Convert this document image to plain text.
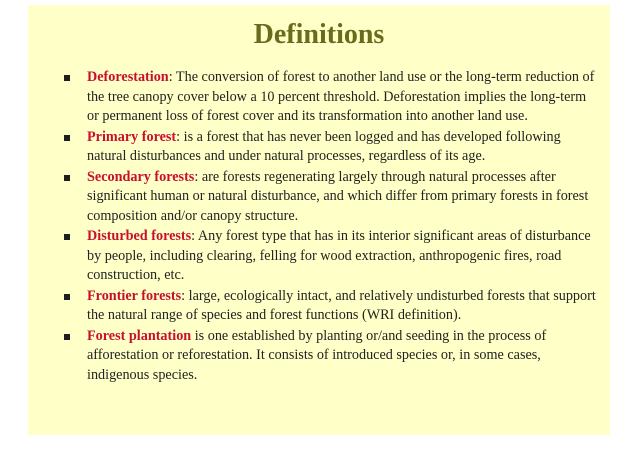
Definitions
Deforestation: The conversion of forest to another land use or the long-term reduction of the tree canopy cover below a 10 percent threshold. Deforestation implies the long-term or permanent loss of forest cover and its transformation into another land use.
Primary forest: is a forest that has never been logged and has developed following natural disturbances and under natural processes, regardless of its age.
Secondary forests: are forests regenerating largely through natural processes after significant human or natural disturbance, and which differ from primary forests in forest composition and/or canopy structure.
Disturbed forests: Any forest type that has in its interior significant areas of disturbance by people, including clearing, felling for wood extraction, anthropogenic fires, road construction, etc.
Frontier forests: large, ecologically intact, and relatively undisturbed forests that support the natural range of species and forest functions (WRI definition).
Forest plantation is one established by planting or/and seeding in the process of afforestation or reforestation. It consists of introduced species or, in some cases, indigenous species.
